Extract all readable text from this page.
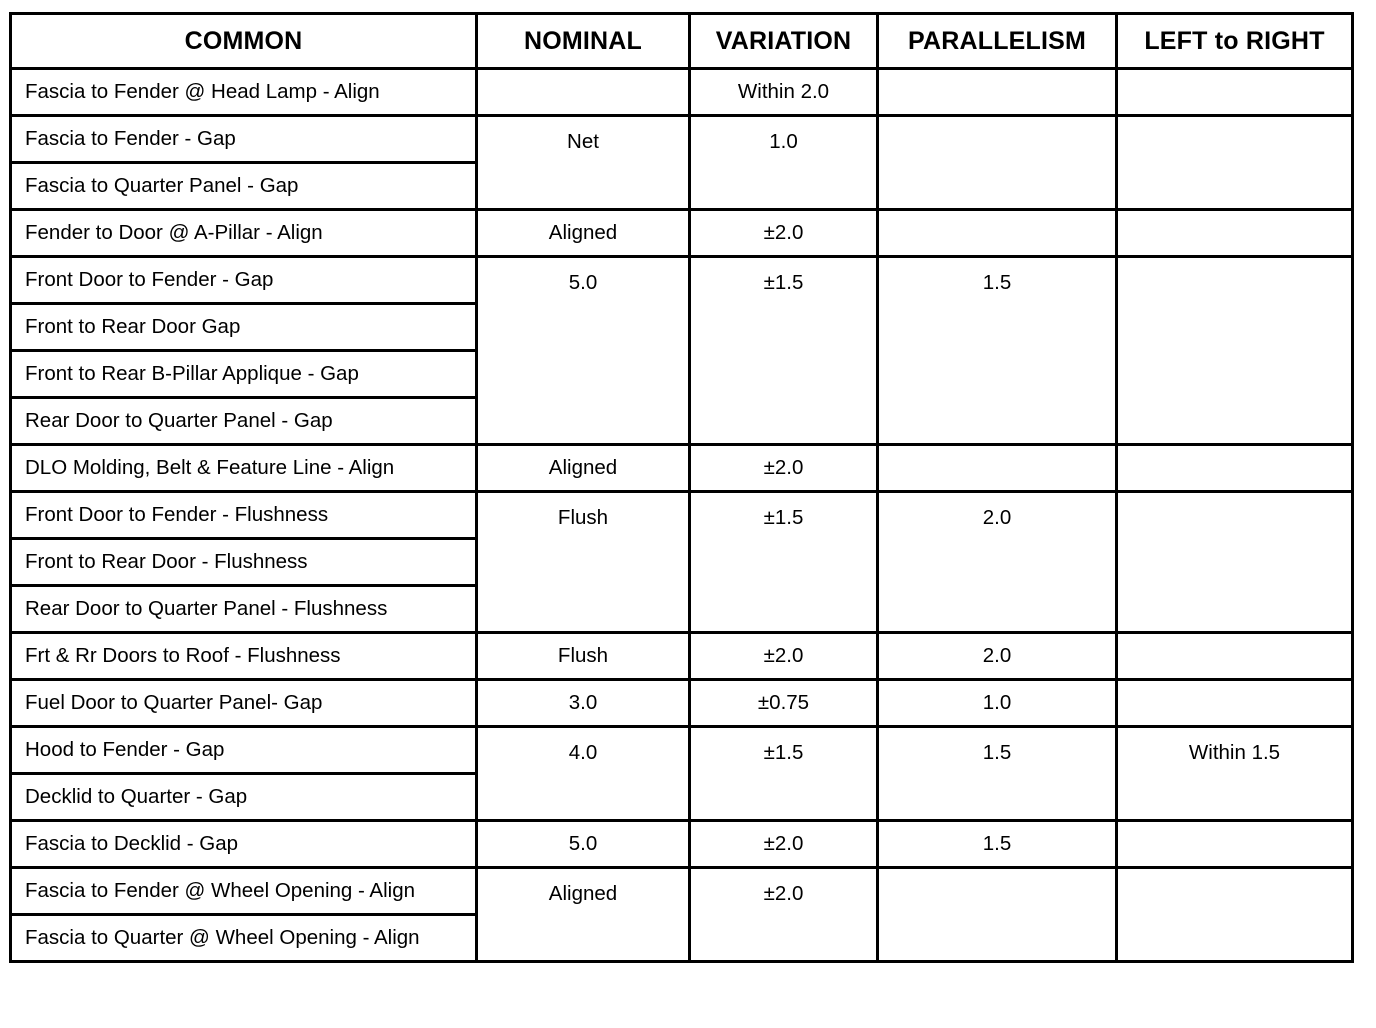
COMMON	NOMINAL	VARIATION	PARALLELISM	LEFT to RIGHT
Fascia to Fender @ Head Lamp - Align		Within 2.0		
Fascia to Fender - Gap	Net	1.0		
Fascia to Quarter Panel - Gap				
Fender to Door @ A-Pillar - Align	Aligned	±2.0		
Front Door to Fender - Gap	5.0	±1.5	1.5	
Front to Rear Door Gap				
Front to Rear B-Pillar Applique - Gap				
Rear Door to Quarter Panel - Gap				
DLO Molding, Belt & Feature Line - Align	Aligned	±2.0		
Front Door to Fender - Flushness	Flush	±1.5	2.0	
Front to Rear Door - Flushness				
Rear Door to Quarter Panel - Flushness				
Frt & Rr Doors to Roof - Flushness	Flush	±2.0	2.0	
Fuel Door to Quarter Panel- Gap	3.0	±0.75	1.0	
Hood to Fender - Gap	4.0	±1.5	1.5	Within 1.5
Decklid to Quarter - Gap				
Fascia to Decklid - Gap	5.0	±2.0	1.5	
Fascia to Fender @ Wheel Opening - Align	Aligned	±2.0		
Fascia to Quarter @ Wheel Opening - Align				
